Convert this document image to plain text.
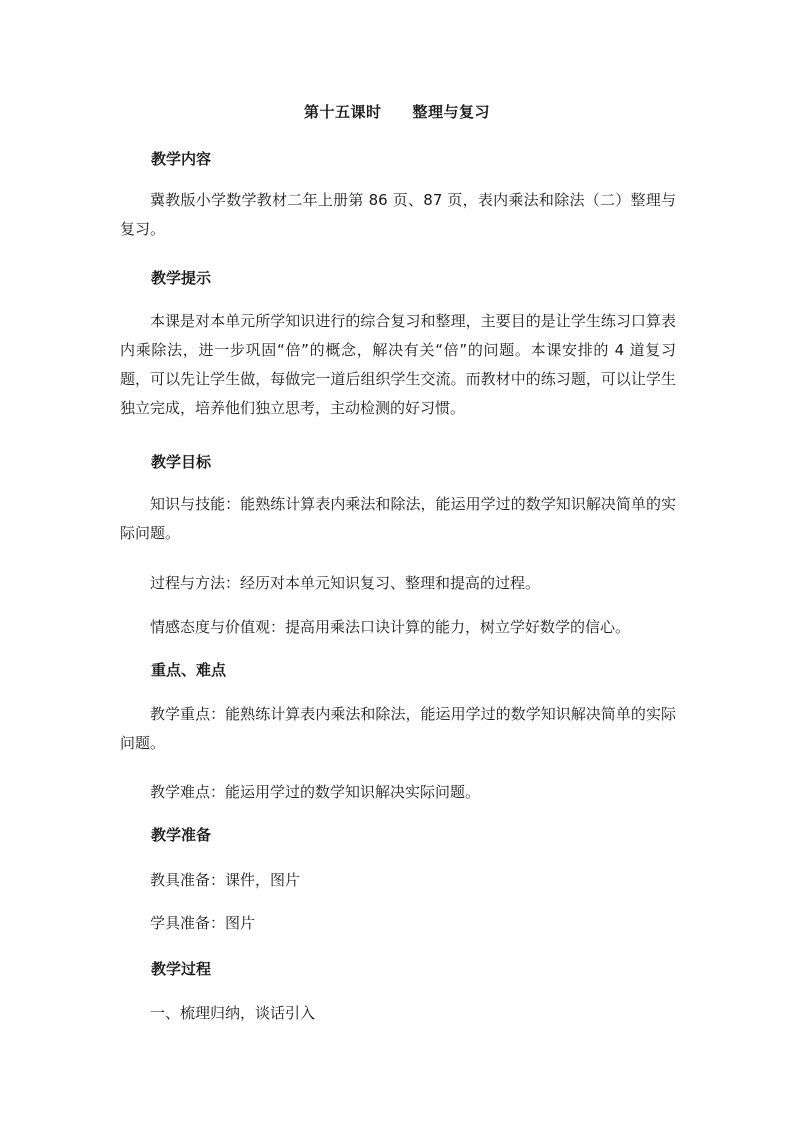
第十五课时　　整理与复习
教学内容
冀教版小学数学教材二年上册第 86 页、87 页，表内乘法和除法（二）整理与复习。
教学提示
本课是对本单元所学知识进行的综合复习和整理，主要目的是让学生练习口算表内乘除法，进一步巩固“倍”的概念，解决有关“倍”的问题。本课安排的 4 道复习题，可以先让学生做，每做完一道后组织学生交流。而教材中的练习题，可以让学生独立完成，培养他们独立思考，主动检测的好习惯。
教学目标
知识与技能：能熟练计算表内乘法和除法，能运用学过的数学知识解决简单的实际问题。
过程与方法：经历对本单元知识复习、整理和提高的过程。
情感态度与价值观：提高用乘法口诀计算的能力，树立学好数学的信心。
重点、难点
教学重点：能熟练计算表内乘法和除法，能运用学过的数学知识解决简单的实际问题。
教学难点：能运用学过的数学知识解决实际问题。
教学准备
教具准备：课件，图片
学具准备：图片
教学过程
一、梳理归纳，谈话引入
